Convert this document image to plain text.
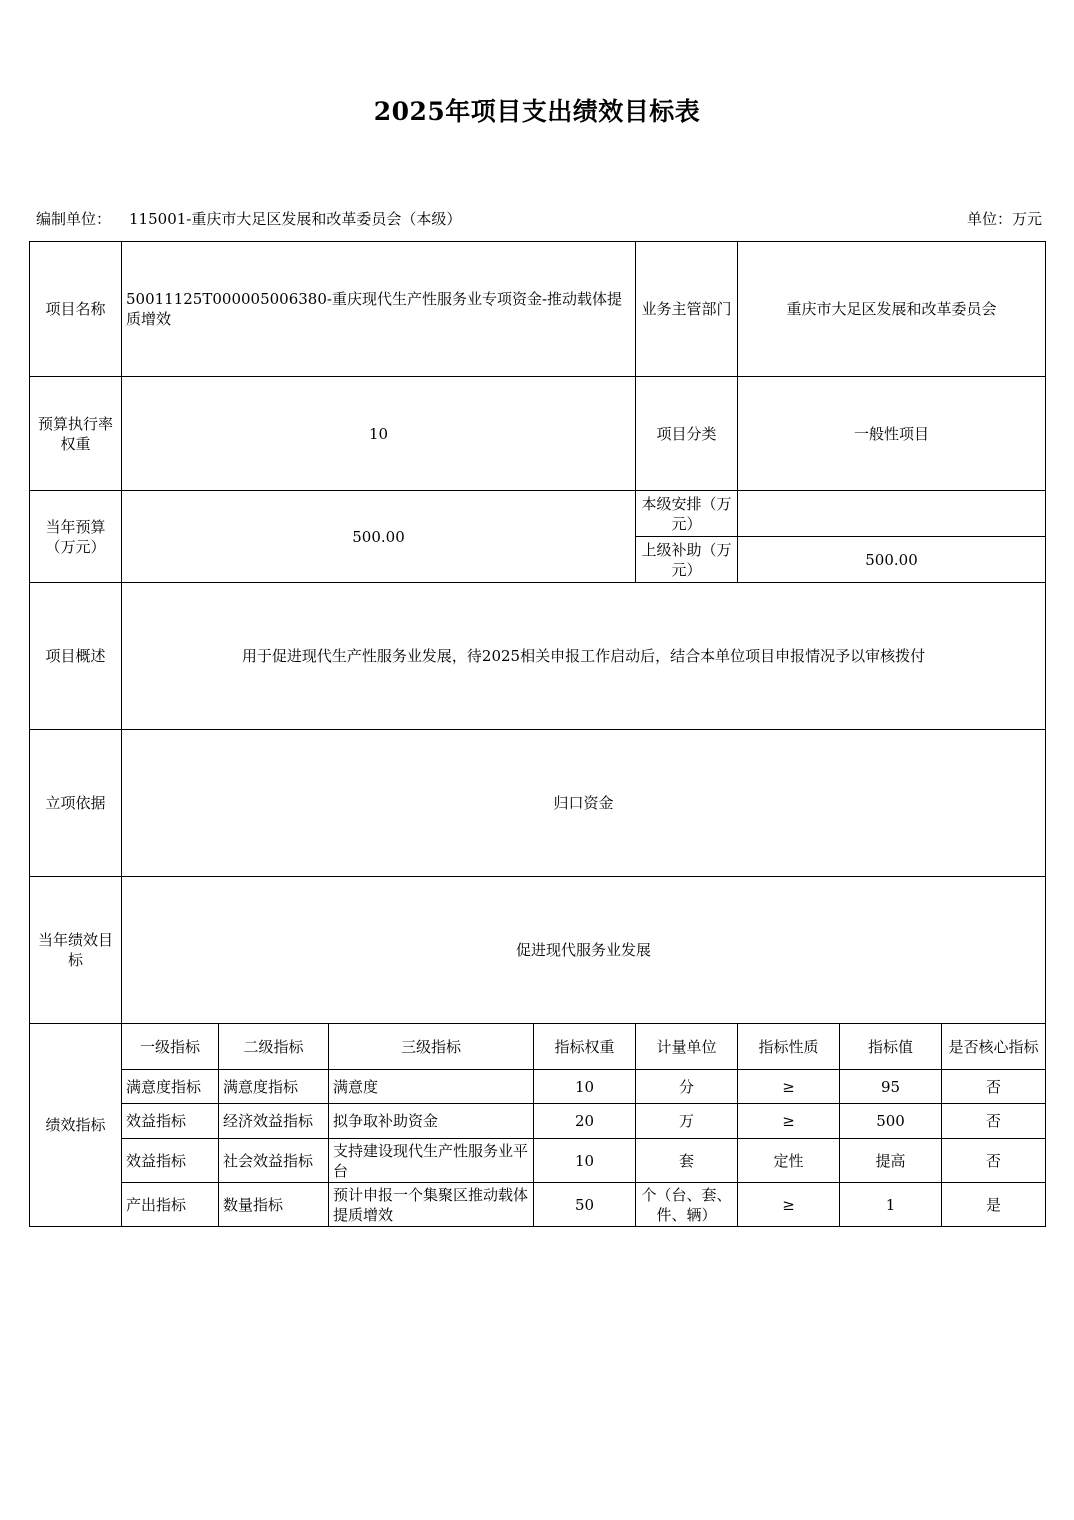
2025年项目支出绩效目标表
编制单位： 115001-重庆市大足区发展和改革委员会（本级）	单位：万元
项目名称	50011125T000005006380-重庆现代生产性服务业专项资金-推动载体提质增效				业务主管部门	重庆市大足区发展和改革委员会		
预算执行率权重	10				项目分类	一般性项目		
当年预算（万元）	500.00				本级安排（万元）			
					上级补助（万元）	500.00		
项目概述	用于促进现代生产性服务业发展，待2025相关申报工作启动后，结合本单位项目申报情况予以审核拨付							
立项依据	归口资金							
当年绩效目标	促进现代服务业发展							
绩效指标	一级指标	二级指标	三级指标	指标权重	计量单位	指标性质	指标值	是否核心指标
	满意度指标	满意度指标	满意度	10	分	≥	95	否
	效益指标	经济效益指标	拟争取补助资金	20	万	≥	500	否
	效益指标	社会效益指标	支持建设现代生产性服务业平台	10	套	定性	提高	否
	产出指标	数量指标	预计申报一个集聚区推动载体提质增效	50	个（台、套、件、辆）	≥	1	是
